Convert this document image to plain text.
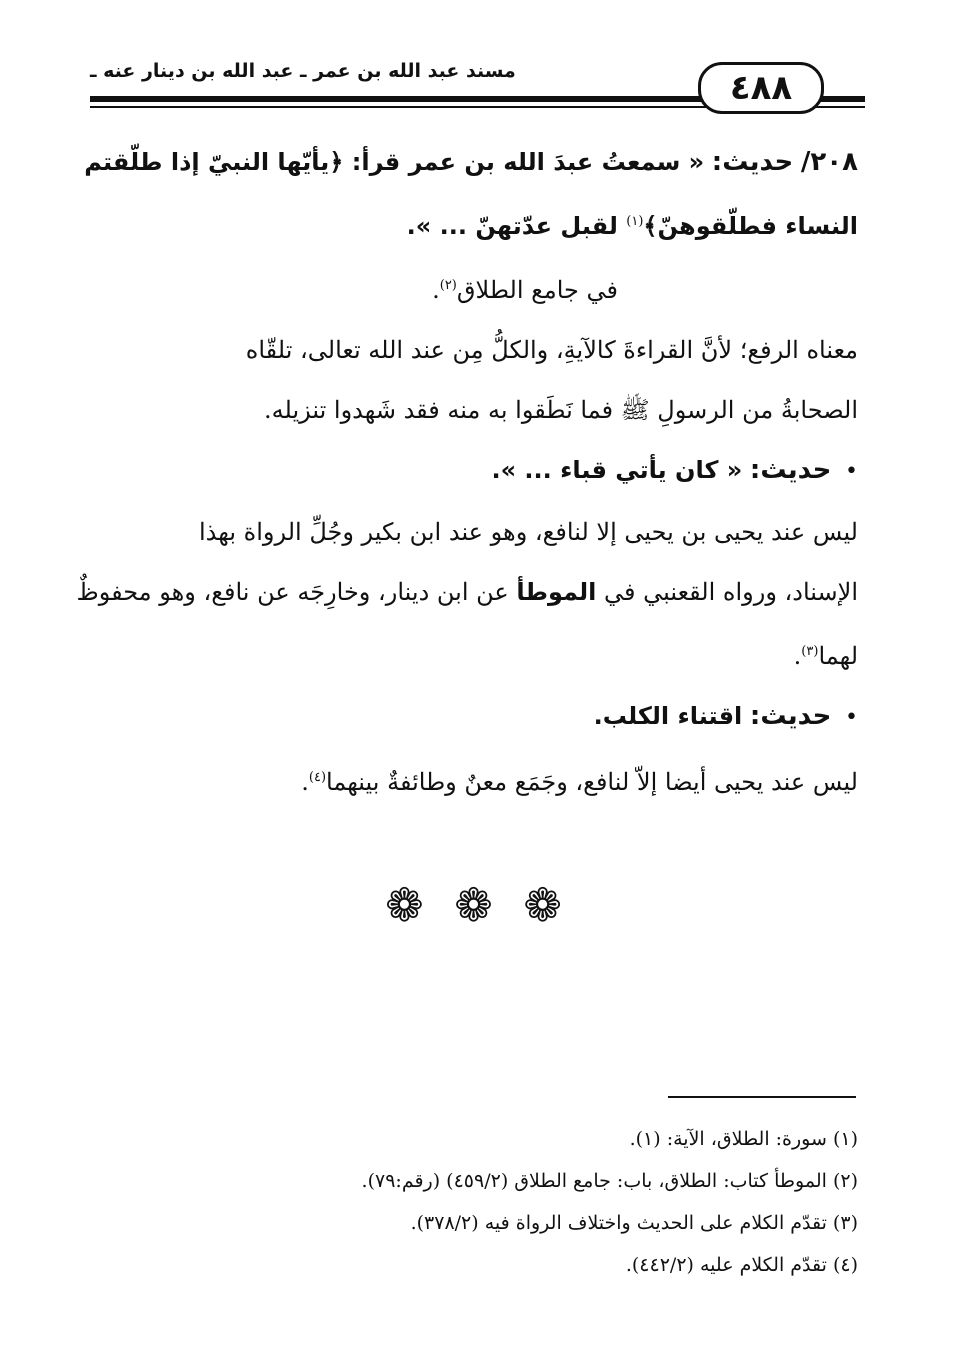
مسند عبد الله بن عمر ـ عبد الله بن دينار عنه ـ	٤٨٨
٢٠٨/ حديث: « سمعتُ عبدَ الله بن عمر قرأ: ﴿يأيّها النبيّ إذا طلّقتم
النساء فطلّقوهنّ﴾$^{(١)}$ لقبل عدّتهنّ ... ».
في جامع الطلاق$^{(٢)}$.
معناه الرفع؛ لأنَّ القراءةَ كالآيةِ، والكلُّ مِن عند الله تعالى، تلقّاه
الصحابةُ من الرسولِ ﷺ فما نَطَقوا به منه فقد شَهدوا تنزيله.
• حديث: « كان يأتي قباء ... ».
ليس عند يحيى بن يحيى إلا لنافع، وهو عند ابن بكير وجُلِّ الرواة بهذا
الإسناد، ورواه القعنبي في الموطأ عن ابن دينار، وخارِجَه عن نافع، وهو محفوظٌ
لهما$^{(٣)}$.
• حديث: اقتناء الكلب.
ليس عند يحيى أيضا إلاّ لنافع، وجَمَع معنٌ وطائفةٌ بينهما$^{(٤)}$.
❁ ❁ ❁
(١) سورة: الطلاق، الآية: (١).
(٢) الموطأ كتاب: الطلاق، باب: جامع الطلاق (٤٥٩/٢) (رقم:٧٩).
(٣) تقدّم الكلام على الحديث واختلاف الرواة فيه (٣٧٨/٢).
(٤) تقدّم الكلام عليه (٤٤٢/٢).
